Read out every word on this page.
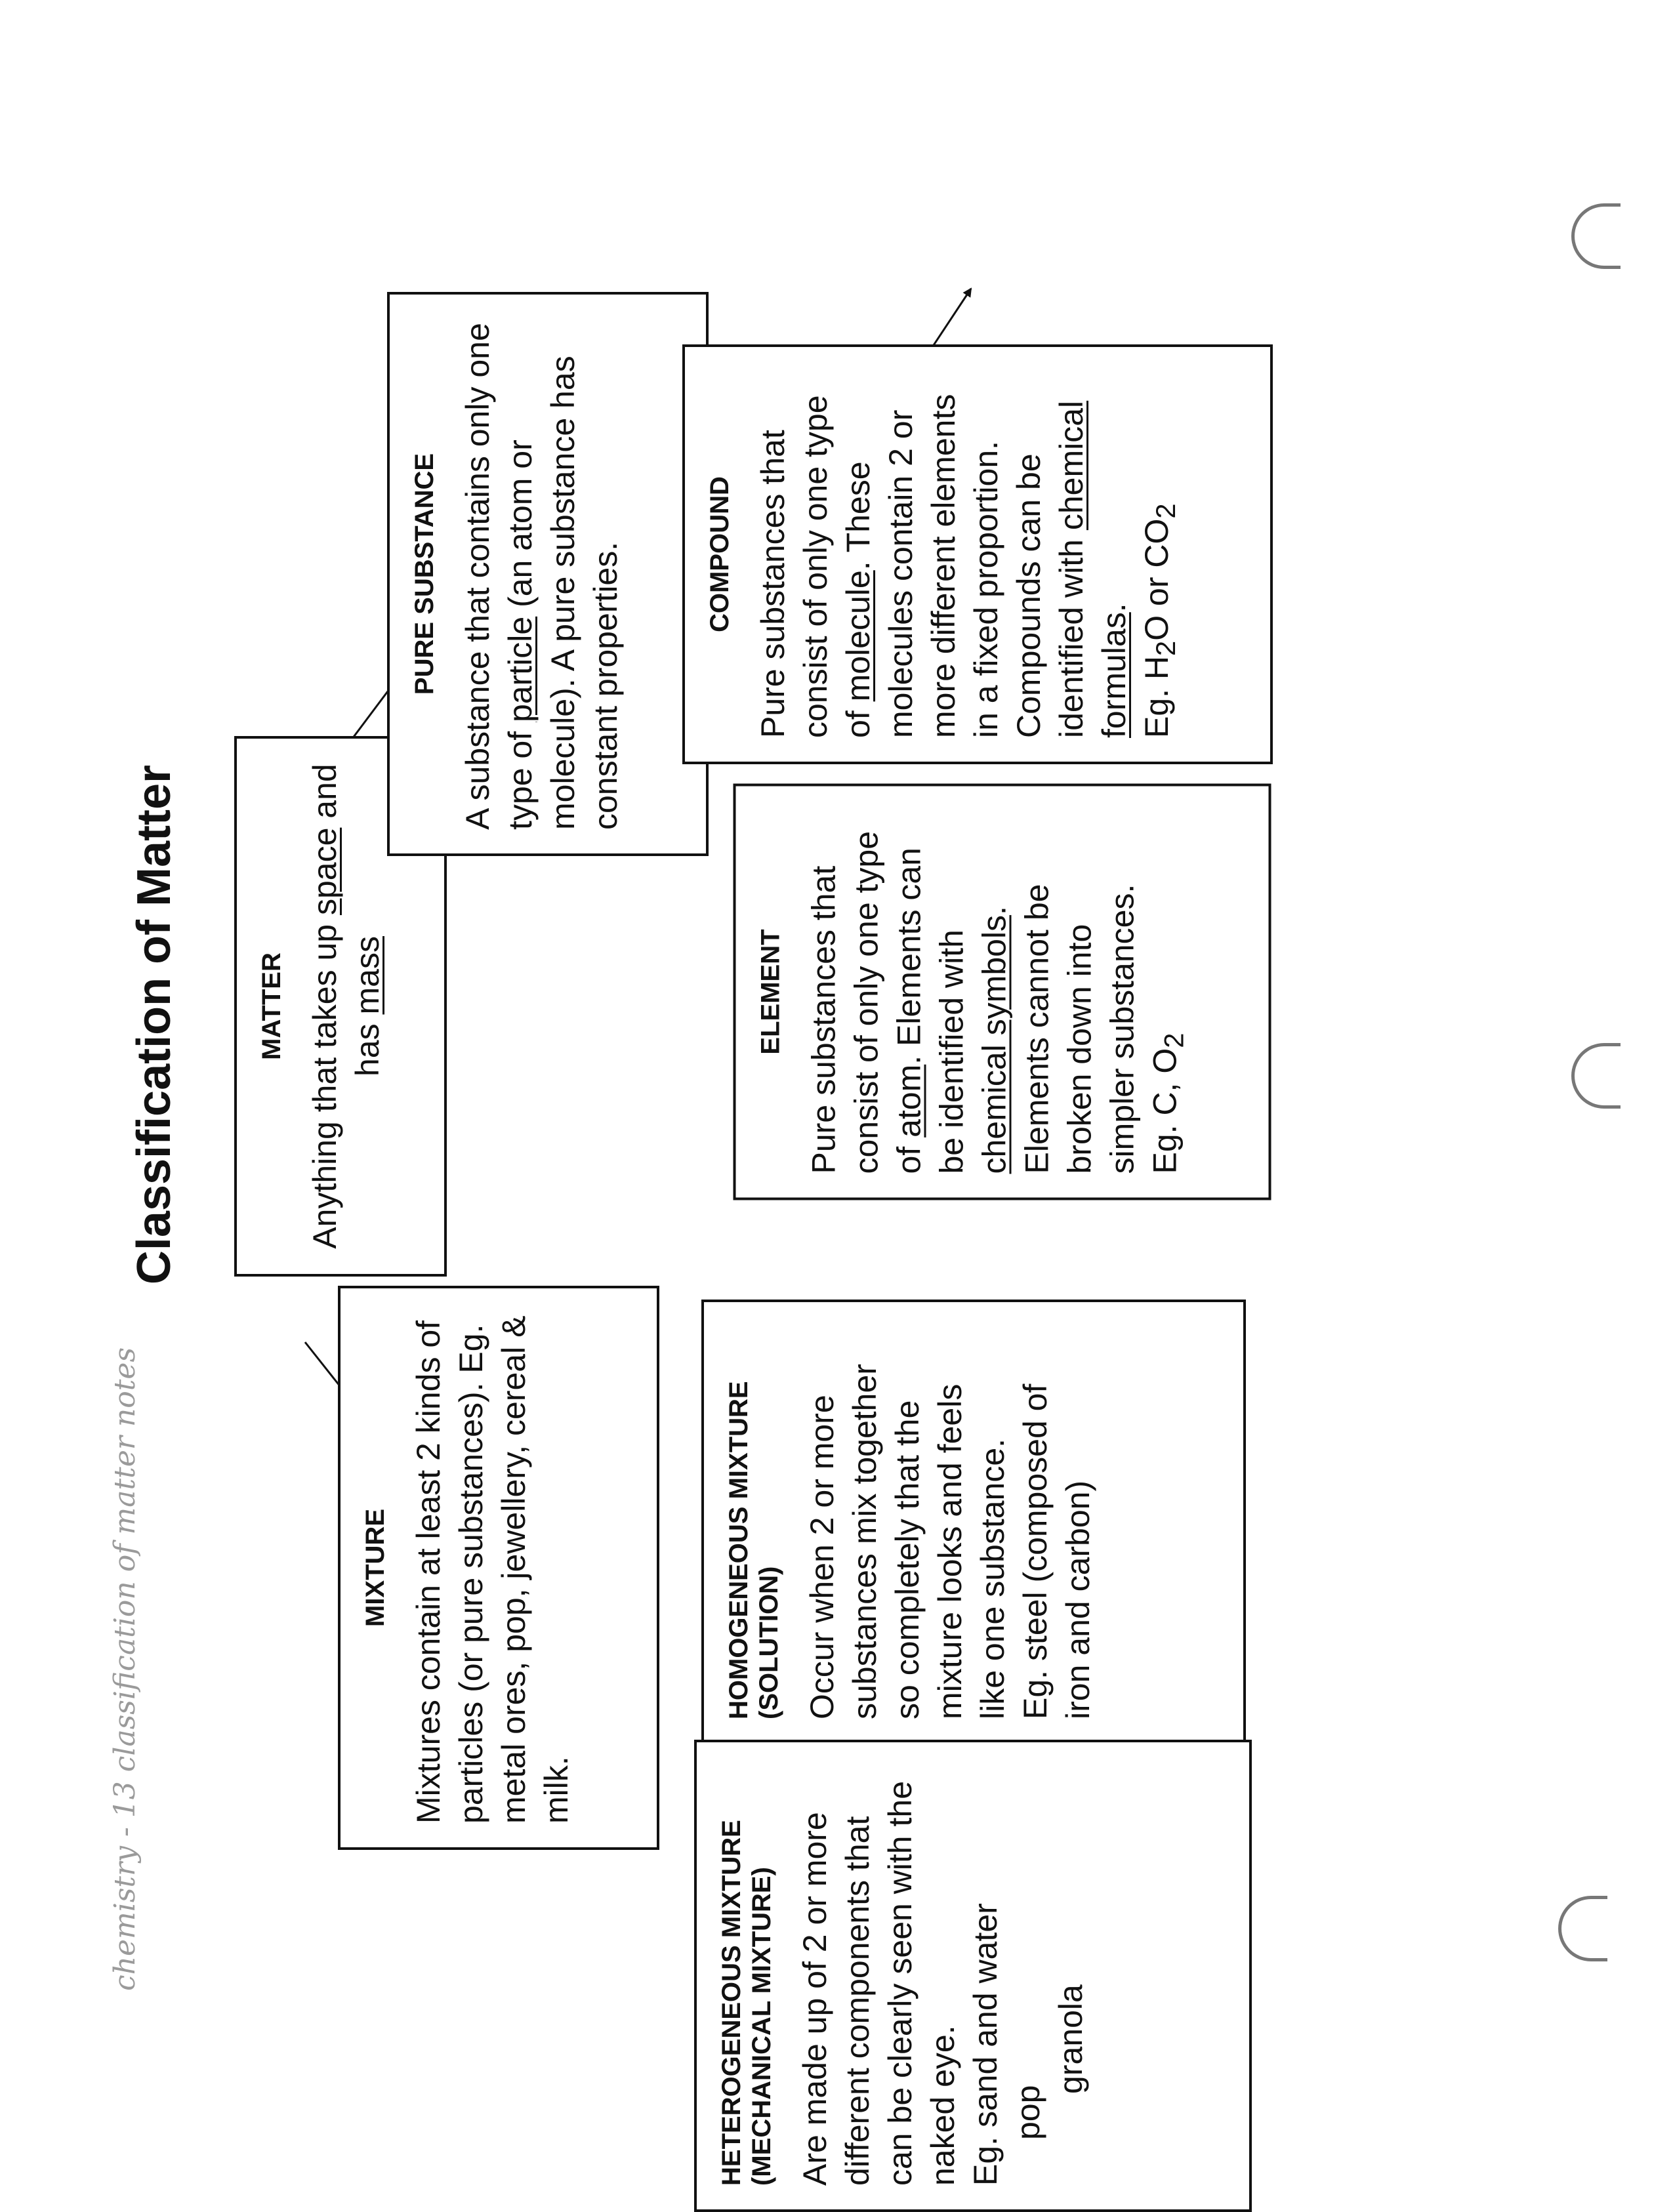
Classification of Matter	MATTER Anything that takes up space and has mass
PURE SUBSTANCE A substance that contains only one type of particle (an atom or molecule). A pure substance has constant properties.
MIXTURE Mixtures contain at least 2 kinds of particles (or pure substances). Eg. metal ores, pop, jewellery, cereal & milk.
ELEMENT Pure substances that consist of only one type of atom. Elements can be identified with chemical symbols. Elements cannot be broken down into simpler substances. Eg. C, $O_2$
COMPOUND Pure substances that consist of only one type of molecule. These molecules contain 2 or more different elements in a fixed proportion. Compounds can be identified with chemical formulas.
Eg. $H_2O$ or $CO_2$
HOMOGENEOUS MIXTURE (SOLUTION) Occur when 2 or more substances mix together so completely that the mixture looks and feels like one substance. Eg. steel (composed of iron and carbon)
HETEROGENEOUS MIXTURE (MECHANICAL MIXTURE) Are made up of 2 or more different components that can be clearly seen with the naked eye. Eg. sand and water pop
granola
chemistry - 13 classification of matter notes
